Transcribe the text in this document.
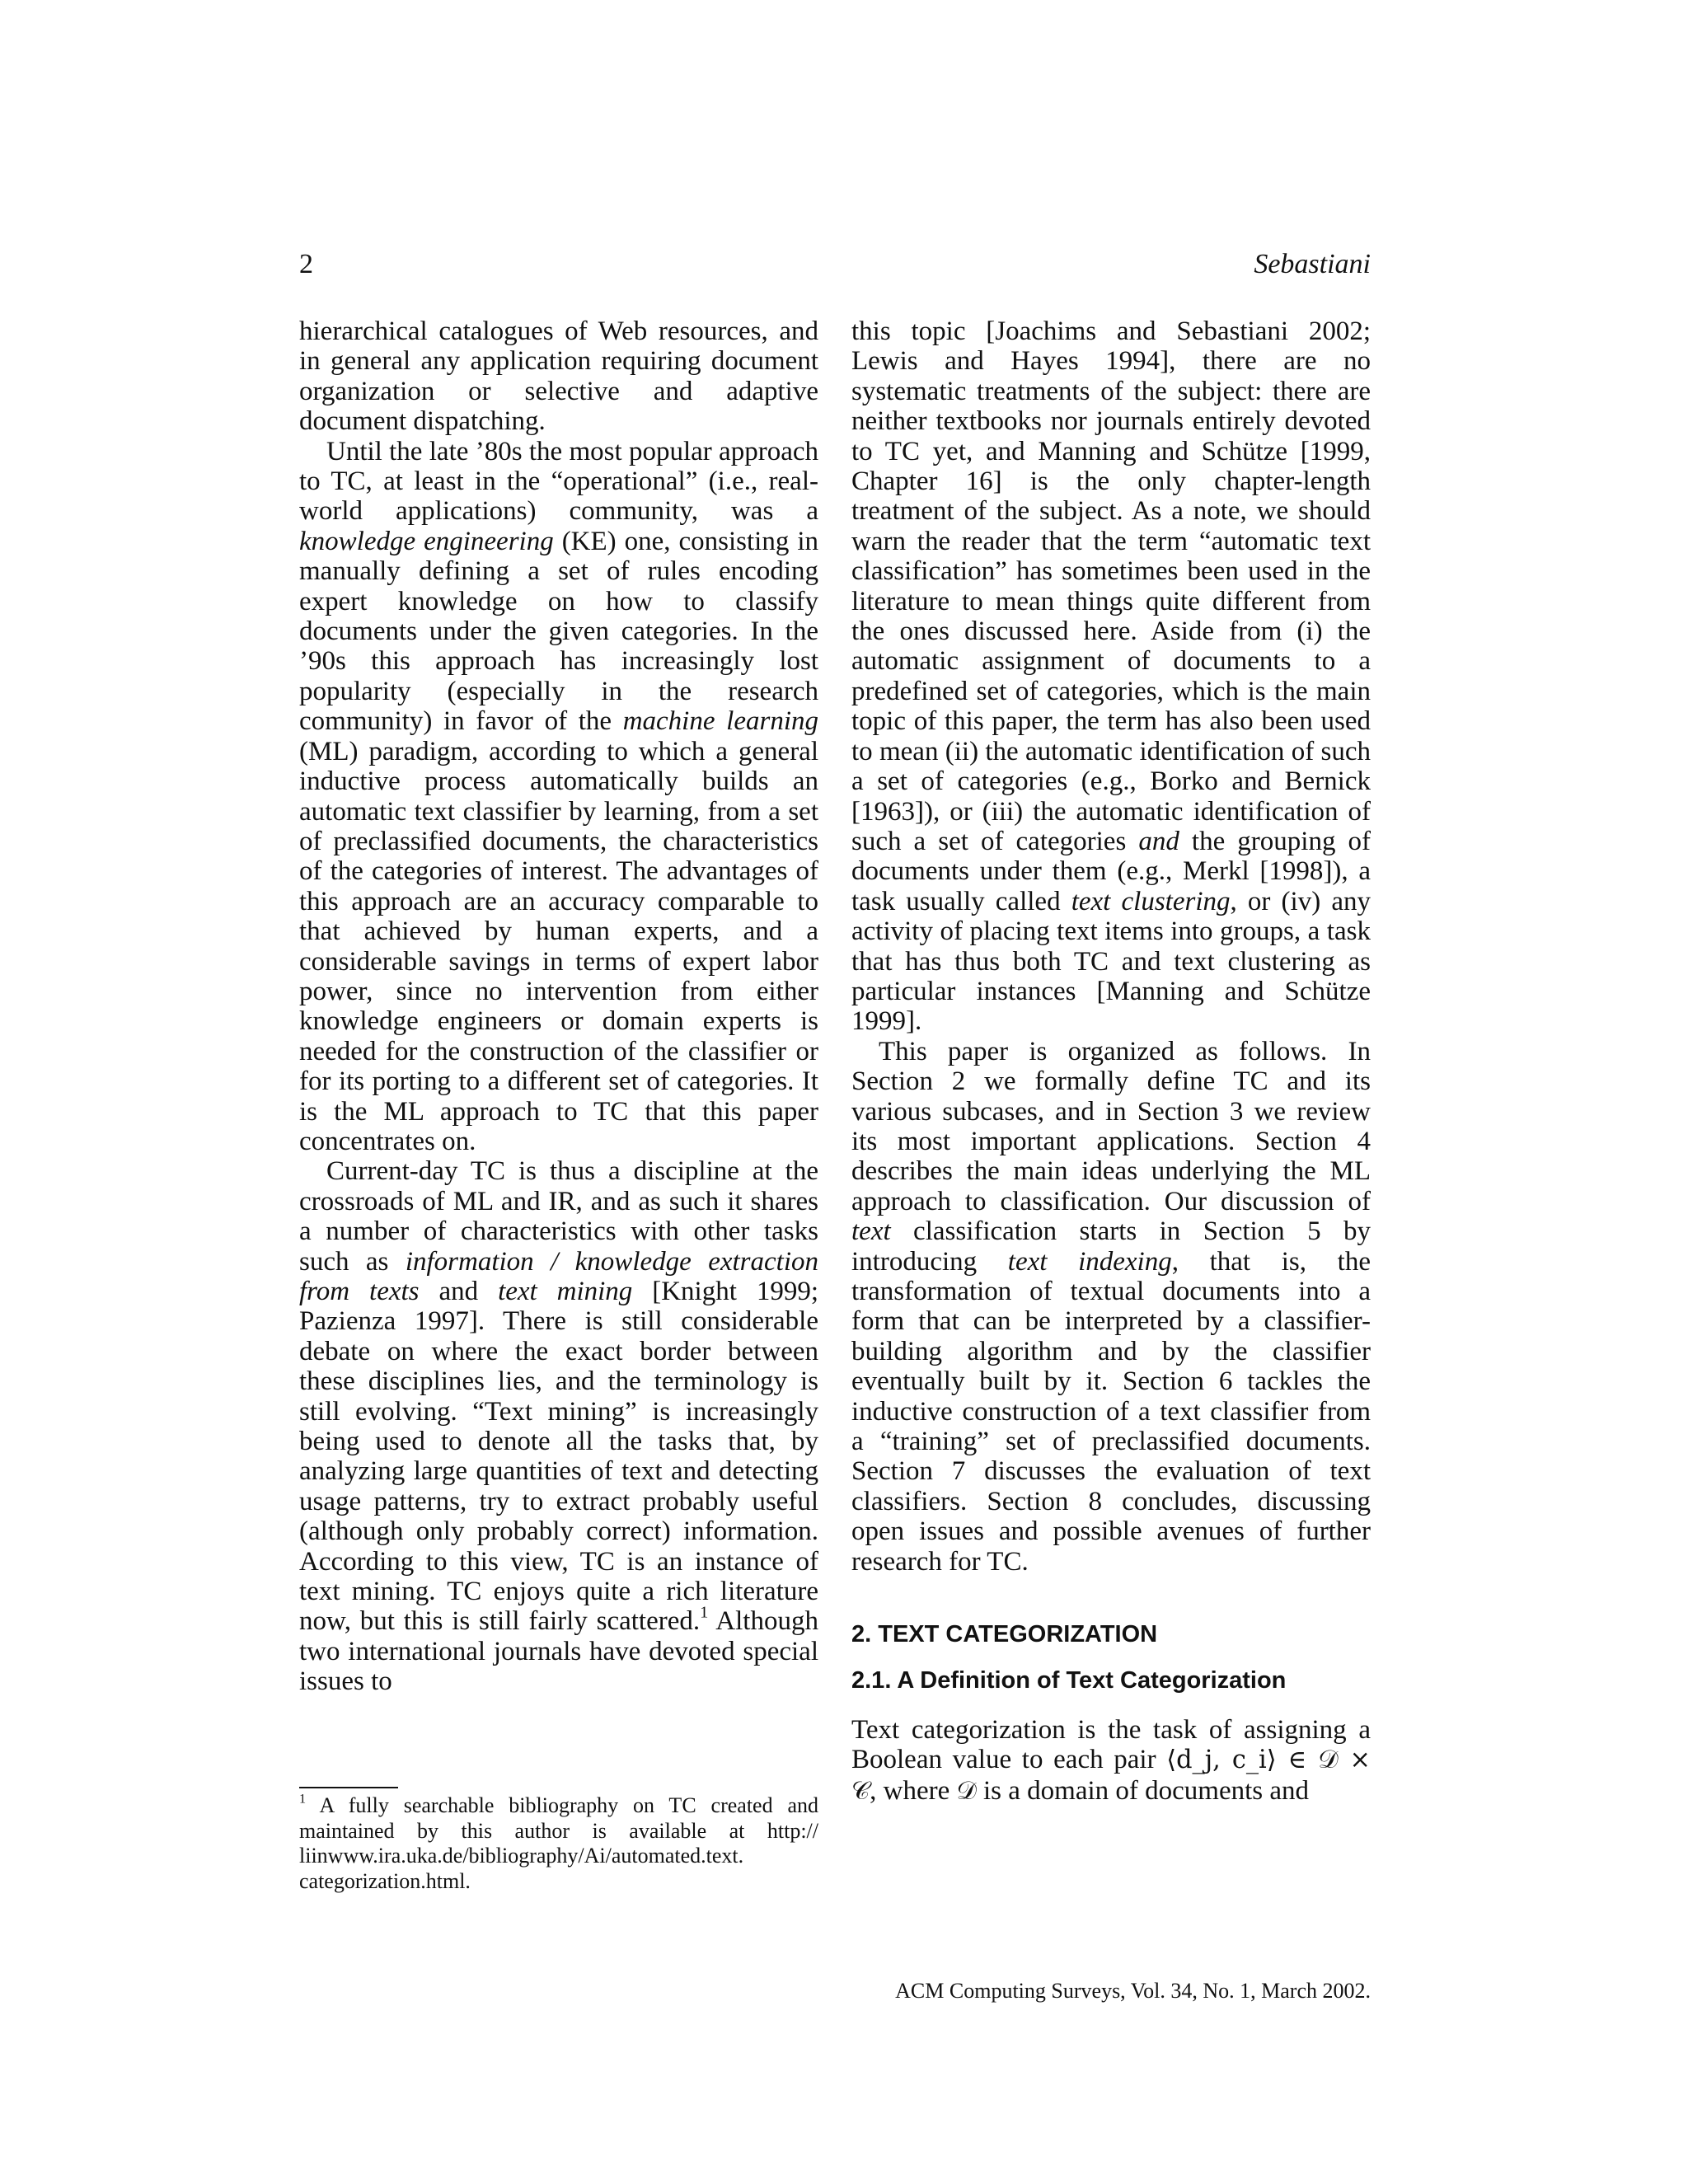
2	Sebastiani

hierarchical catalogues of Web resources, and in general any application requiring document organization or selective and adaptive document dispatching.

Until the late ’80s the most popular approach to TC, at least in the “operational” (i.e., real-world applications) community, was a knowledge engineering (KE) one, consisting in manually defining a set of rules encoding expert knowledge on how to classify documents under the given categories. In the ’90s this approach has increasingly lost popularity (especially in the research community) in favor of the machine learning (ML) paradigm, according to which a general inductive process automatically builds an automatic text classifier by learning, from a set of preclassified documents, the characteristics of the categories of interest. The advantages of this approach are an accuracy comparable to that achieved by human experts, and a considerable savings in terms of expert labor power, since no intervention from either knowledge engineers or domain experts is needed for the construction of the classifier or for its porting to a different set of categories. It is the ML approach to TC that this paper concentrates on.

Current-day TC is thus a discipline at the crossroads of ML and IR, and as such it shares a number of characteristics with other tasks such as information / knowledge extraction from texts and text mining [Knight 1999; Pazienza 1997]. There is still considerable debate on where the exact border between these disciplines lies, and the terminology is still evolving. “Text mining” is increasingly being used to denote all the tasks that, by analyzing large quantities of text and detecting usage patterns, try to extract probably useful (although only probably correct) information. According to this view, TC is an instance of text mining. TC enjoys quite a rich literature now, but this is still fairly scattered.$^1$ Although two international journals have devoted special issues to

$^1$ A fully searchable bibliography on TC created and maintained by this author is available at http:// liinwww.ira.uka.de/bibliography/Ai/automated.text. categorization.html.

this topic [Joachims and Sebastiani 2002; Lewis and Hayes 1994], there are no systematic treatments of the subject: there are neither textbooks nor journals entirely devoted to TC yet, and Manning and Schütze [1999, Chapter 16] is the only chapter-length treatment of the subject. As a note, we should warn the reader that the term “automatic text classification” has sometimes been used in the literature to mean things quite different from the ones discussed here. Aside from (i) the automatic assignment of documents to a predefined set of categories, which is the main topic of this paper, the term has also been used to mean (ii) the automatic identification of such a set of categories (e.g., Borko and Bernick [1963]), or (iii) the automatic identification of such a set of categories and the grouping of documents under them (e.g., Merkl [1998]), a task usually called text clustering, or (iv) any activity of placing text items into groups, a task that has thus both TC and text clustering as particular instances [Manning and Schütze 1999].

This paper is organized as follows. In Section 2 we formally define TC and its various subcases, and in Section 3 we review its most important applications. Section 4 describes the main ideas underlying the ML approach to classification. Our discussion of text classification starts in Section 5 by introducing text indexing, that is, the transformation of textual documents into a form that can be interpreted by a classifier-building algorithm and by the classifier eventually built by it. Section 6 tackles the inductive construction of a text classifier from a “training” set of preclassified documents. Section 7 discusses the evaluation of text classifiers. Section 8 concludes, discussing open issues and possible avenues of further research for TC.

2. TEXT CATEGORIZATION

2.1. A Definition of Text Categorization

Text categorization is the task of assigning a Boolean value to each pair ⟨d_j, c_i⟩ ∈ 𝒟 × 𝒞, where 𝒟 is a domain of documents and

ACM Computing Surveys, Vol. 34, No. 1, March 2002.
